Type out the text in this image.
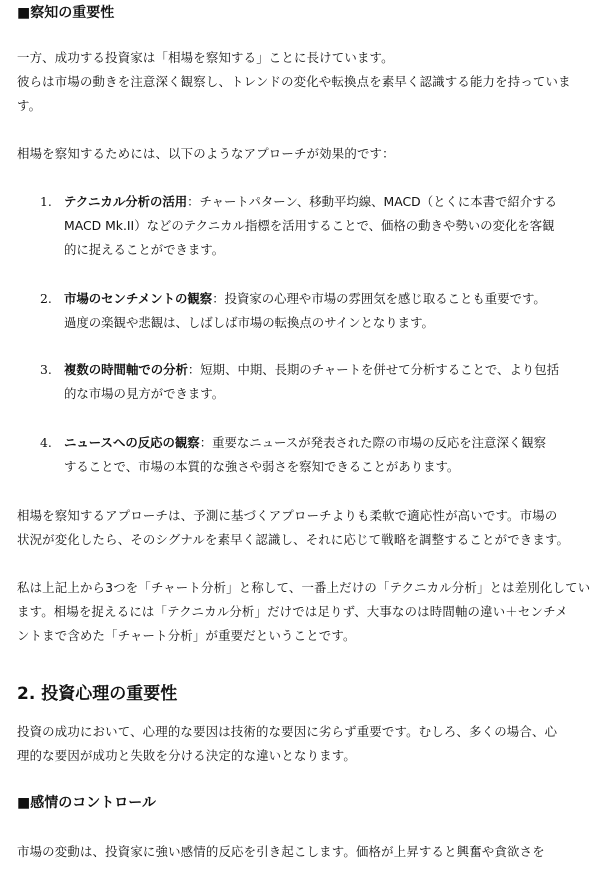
■察知の重要性
一方、成功する投資家は「相場を察知する」ことに長けています。
彼らは市場の動きを注意深く観察し、トレンドの変化や転換点を素早く認識する能力を持っていま
す。
相場を察知するためには、以下のようなアプローチが効果的です：
1. テクニカル分析の活用：チャートパターン、移動平均線、MACD（とくに本書で紹介する
MACD Mk.II）などのテクニカル指標を活用することで、価格の動きや勢いの変化を客観
的に捉えることができます。
2. 市場のセンチメントの観察：投資家の心理や市場の雰囲気を感じ取ることも重要です。
過度の楽観や悲観は、しばしば市場の転換点のサインとなります。
3. 複数の時間軸での分析：短期、中期、長期のチャートを併せて分析することで、より包括
的な市場の見方ができます。
4. ニュースへの反応の観察：重要なニュースが発表された際の市場の反応を注意深く観察
することで、市場の本質的な強さや弱さを察知できることがあります。
相場を察知するアプローチは、予測に基づくアプローチよりも柔軟で適応性が高いです。市場の
状況が変化したら、そのシグナルを素早く認識し、それに応じて戦略を調整することができます。
私は上記上から3つを「チャート分析」と称して、一番上だけの「テクニカル分析」とは差別化してい
ます。相場を捉えるには「テクニカル分析」だけでは足りず、大事なのは時間軸の違い＋センチメ
ントまで含めた「チャート分析」が重要だということです。
2. 投資心理の重要性
投資の成功において、心理的な要因は技術的な要因に劣らず重要です。むしろ、多くの場合、心
理的な要因が成功と失敗を分ける決定的な違いとなります。
■感情のコントロール
市場の変動は、投資家に強い感情的反応を引き起こします。価格が上昇すると興奮や貪欲さを
